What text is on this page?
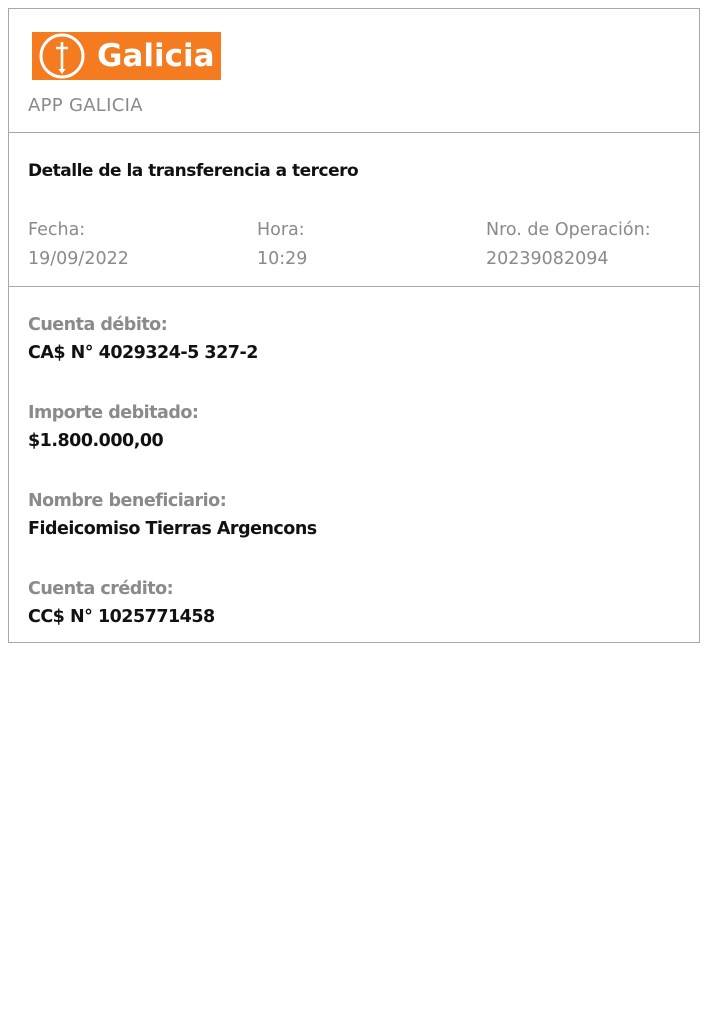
Galicia
APP GALICIA
Detalle de la transferencia a tercero
Fecha:
19/09/2022
Hora:
10:29
Nro. de Operación:
20239082094
Cuenta débito:
CA$ N° 4029324-5 327-2
Importe debitado:
$1.800.000,00
Nombre beneficiario:
Fideicomiso Tierras Argencons
Cuenta crédito:
CC$ N° 1025771458
